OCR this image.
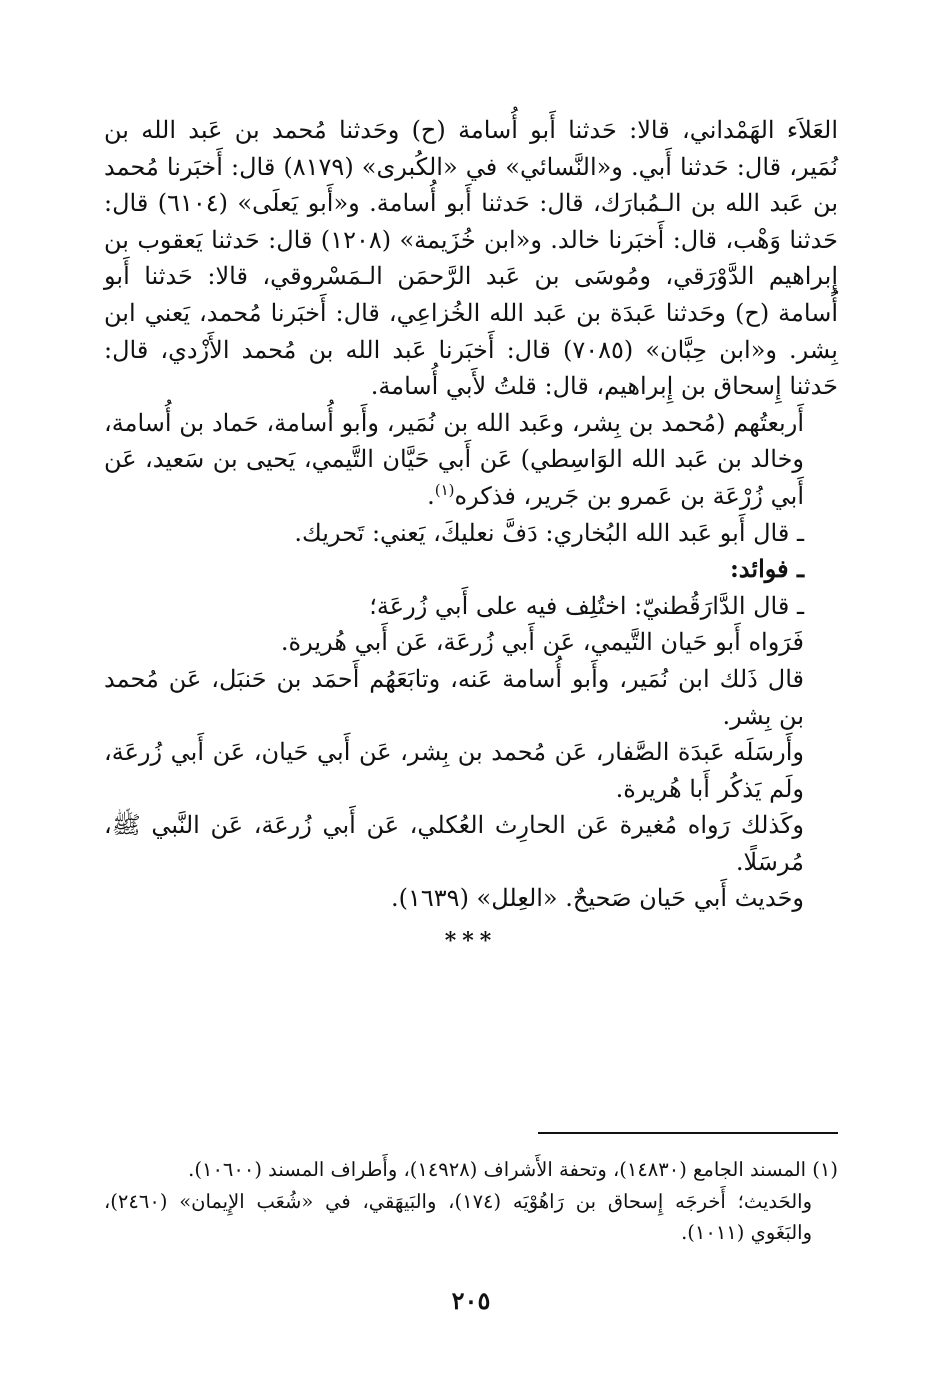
العَلاَء الهَمْداني، قالا: حَدثنا أَبو أُسامة (ح) وحَدثنا مُحمد بن عَبد الله بن نُمَير، قال: حَدثنا أَبي. و«النَّسائي» في «الكُبرى» (٨١٧٩) قال: أَخبَرنا مُحمد بن عَبد الله بن الـمُبارَك، قال: حَدثنا أَبو أُسامة. و«أَبو يَعلَى» (٦١٠٤) قال: حَدثنا وَهْب، قال: أَخبَرنا خالد. و«ابن خُزَيمة» (١٢٠٨) قال: حَدثنا يَعقوب بن إِبراهيم الدَّوْرَقي، ومُوسَى بن عَبد الرَّحمَن الـمَسْروقي، قالا: حَدثنا أَبو أُسامة (ح) وحَدثنا عَبدَة بن عَبد الله الخُزاعِي، قال: أَخبَرنا مُحمد، يَعني ابن بِشر. و«ابن حِبَّان» (٧٠٨٥) قال: أَخبَرنا عَبد الله بن مُحمد الأَزْدي، قال: حَدثنا إِسحاق بن إِبراهيم، قال: قلتُ لأَبي أُسامة.

أَربعتُهم (مُحمد بن بِشر، وعَبد الله بن نُمَير، وأَبو أُسامة، حَماد بن أُسامة، وخالد بن عَبد الله الوَاسِطي) عَن أَبي حَيَّان التَّيمي، يَحيى بن سَعيد، عَن أَبي زُرْعَة بن عَمرو بن جَرير، فذكره$^{(١)}$.

ـ قال أَبو عَبد الله البُخاري: دَفَّ نعليكَ، يَعني: تَحريك.

ـ فوائد:

ـ قال الدَّارَقُطنيّ: اختُلِف فيه على أَبي زُرعَة؛

فَرَواه أَبو حَيان التَّيمي، عَن أَبي زُرعَة، عَن أَبي هُريرة.

قال ذَلك ابن نُمَير، وأَبو أُسامة عَنه، وتابَعَهُم أَحمَد بن حَنبَل، عَن مُحمد بن بِشر.

وأَرسَلَه عَبدَة الصَّفار، عَن مُحمد بن بِشر، عَن أَبي حَيان، عَن أَبي زُرعَة، ولَم يَذكُر أَبا هُريرة.

وكَذلك رَواه مُغيرة عَن الحارِث العُكلي، عَن أَبي زُرعَة، عَن النَّبي ﷺ، مُرسَلًا.

وحَديث أَبي حَيان صَحيحٌ. «العِلل» (١٦٣٩).

***

(١) المسند الجامع (١٤٨٣٠)، وتحفة الأَشراف (١٤٩٢٨)، وأَطراف المسند (١٠٦٠٠).

والحَديث؛ أَخرجَه إِسحاق بن رَاهُوْيَه (١٧٤)، والبَيهَقي، في «شُعَب الإِيمان» (٢٤٦٠)، والبَغَوي (١٠١١).

٢٠٥
